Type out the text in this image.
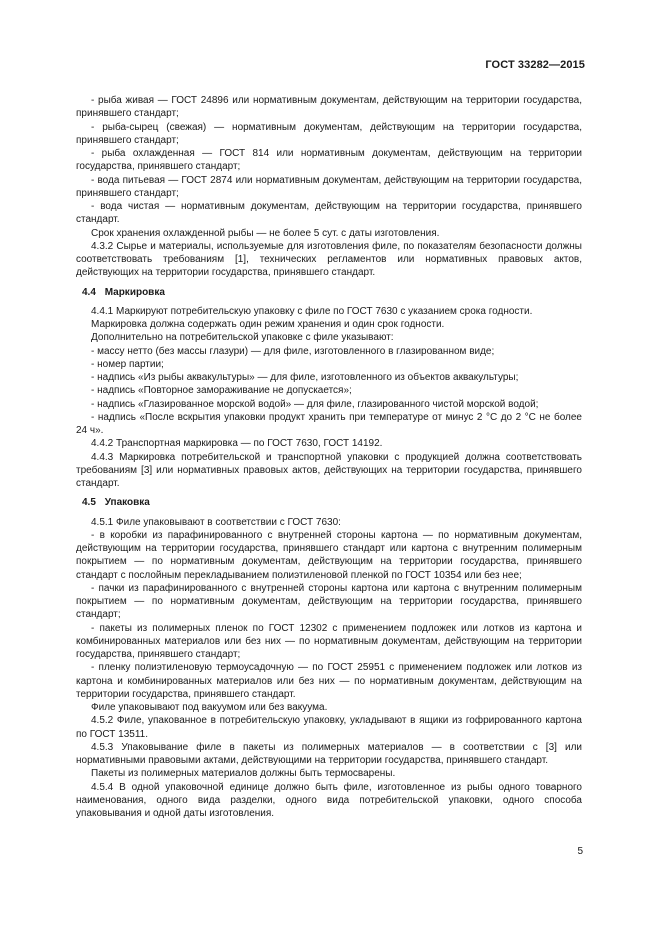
ГОСТ 33282—2015

- рыба живая — ГОСТ 24896 или нормативным документам, действующим на территории государства, принявшего стандарт;

- рыба-сырец (свежая) — нормативным документам, действующим на территории государства, принявшего стандарт;

- рыба охлажденная — ГОСТ 814 или нормативным документам, действующим на территории государства, принявшего стандарт;

- вода питьевая — ГОСТ 2874 или нормативным документам, действующим на территории государства, принявшего стандарт;

- вода чистая — нормативным документам, действующим на территории государства, принявшего стандарт.

Срок хранения охлажденной рыбы — не более 5 сут. с даты изготовления.

4.3.2 Сырье и материалы, используемые для изготовления филе, по показателям безопасности должны соответствовать требованиям [1], технических регламентов или нормативных правовых актов, действующих на территории государства, принявшего стандарт.

4.4 Маркировка

4.4.1 Маркируют потребительскую упаковку с филе по ГОСТ 7630 с указанием срока годности.

Маркировка должна содержать один режим хранения и один срок годности.

Дополнительно на потребительской упаковке с филе указывают:

- массу нетто (без массы глазури) — для филе, изготовленного в глазированном виде;

- номер партии;

- надпись «Из рыбы аквакультуры» — для филе, изготовленного из объектов аквакультуры;

- надпись «Повторное замораживание не допускается»;

- надпись «Глазированное морской водой» — для филе, глазированного чистой морской водой;

- надпись «После вскрытия упаковки продукт хранить при температуре от минус 2 °С до 2 °С не более 24 ч».

4.4.2 Транспортная маркировка — по ГОСТ 7630, ГОСТ 14192.

4.4.3 Маркировка потребительской и транспортной упаковки с продукцией должна соответствовать требованиям [3] или нормативных правовых актов, действующих на территории государства, принявшего стандарт.

4.5 Упаковка

4.5.1 Филе упаковывают в соответствии с ГОСТ 7630:

- в коробки из парафинированного с внутренней стороны картона — по нормативным документам, действующим на территории государства, принявшего стандарт или картона с внутренним полимерным покрытием — по нормативным документам, действующим на территории государства, принявшего стандарт с послойным перекладыванием полиэтиленовой пленкой по ГОСТ 10354 или без нее;

- пачки из парафинированного с внутренней стороны картона или картона с внутренним полимерным покрытием — по нормативным документам, действующим на территории государства, принявшего стандарт;

- пакеты из полимерных пленок по ГОСТ 12302 с применением подложек или лотков из картона и комбинированных материалов или без них — по нормативным документам, действующим на территории государства, принявшего стандарт;

- пленку полиэтиленовую термоусадочную — по ГОСТ 25951 с применением подложек или лотков из картона и комбинированных материалов или без них — по нормативным документам, действующим на территории государства, принявшего стандарт.

Филе упаковывают под вакуумом или без вакуума.

4.5.2 Филе, упакованное в потребительскую упаковку, укладывают в ящики из гофрированного картона по ГОСТ 13511.

4.5.3 Упаковывание филе в пакеты из полимерных материалов — в соответствии с [3] или нормативными правовыми актами, действующими на территории государства, принявшего стандарт.

Пакеты из полимерных материалов должны быть термосварены.

4.5.4 В одной упаковочной единице должно быть филе, изготовленное из рыбы одного товарного наименования, одного вида разделки, одного вида потребительской упаковки, одного способа упаковывания и одной даты изготовления.

5
